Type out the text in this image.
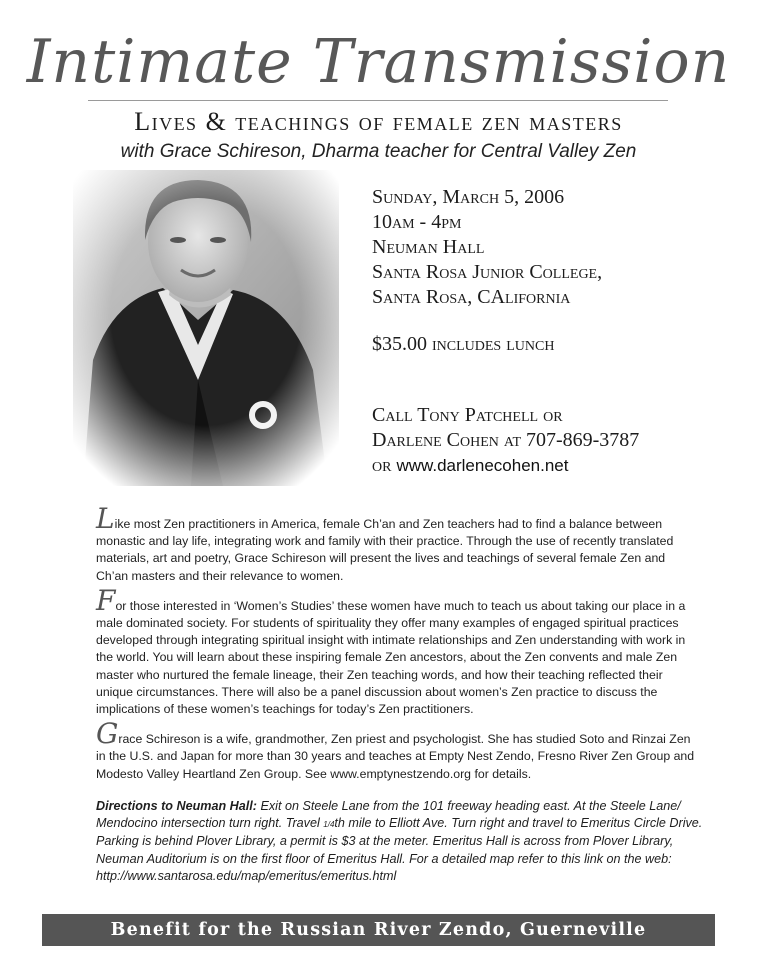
Intimate Transmission
Lives & teachings of female zen masters
with Grace Schireson, Dharma teacher for Central Valley Zen
Sunday, March 5, 2006
10am - 4pm
Neuman Hall
Santa Rosa Junior College,
Santa Rosa, CAlifornia
$35.00 includes lunch
Call Tony Patchell or
Darlene Cohen at 707-869-3787
or www.darlenecohen.net

Like most Zen practitioners in America, female Ch’an and Zen teachers had to find a balance between monastic and lay life, integrating work and family with their practice. Through the use of recently translated materials, art and poetry, Grace Schireson will present the lives and teachings of several female Zen and Ch’an masters and their relevance to women.

For those interested in ‘Women’s Studies’ these women have much to teach us about taking our place in a male dominated society. For students of spirituality they offer many examples of engaged spiritual practices developed through integrating spiritual insight with intimate relationships and Zen understanding with work in the world. You will learn about these inspiring female Zen ancestors, about the Zen convents and male Zen master who nurtured the female lineage, their Zen teaching words, and how their teaching reflected their unique circumstances. There will also be a panel discussion about women’s Zen practice to discuss the implications of these women’s teachings for today’s Zen practitioners.

Grace Schireson is a wife, grandmother, Zen priest and psychologist. She has studied Soto and Rinzai Zen in the U.S. and Japan for more than 30 years and teaches at Empty Nest Zendo, Fresno River Zen Group and Modesto Valley Heartland Zen Group. See www.emptynestzendo.org for details.

Directions to Neuman Hall: Exit on Steele Lane from the 101 freeway heading east. At the Steele Lane/ Mendocino intersection turn right. Travel 1/4th mile to Elliott Ave. Turn right and travel to Emeritus Circle Drive. Parking is behind Plover Library, a permit is $3 at the meter. Emeritus Hall is across from Plover Library, Neuman Auditorium is on the first floor of Emeritus Hall. For a detailed map refer to this link on the web: http://www.santarosa.edu/map/emeritus/emeritus.html
Benefit for the Russian River Zendo, Guerneville
